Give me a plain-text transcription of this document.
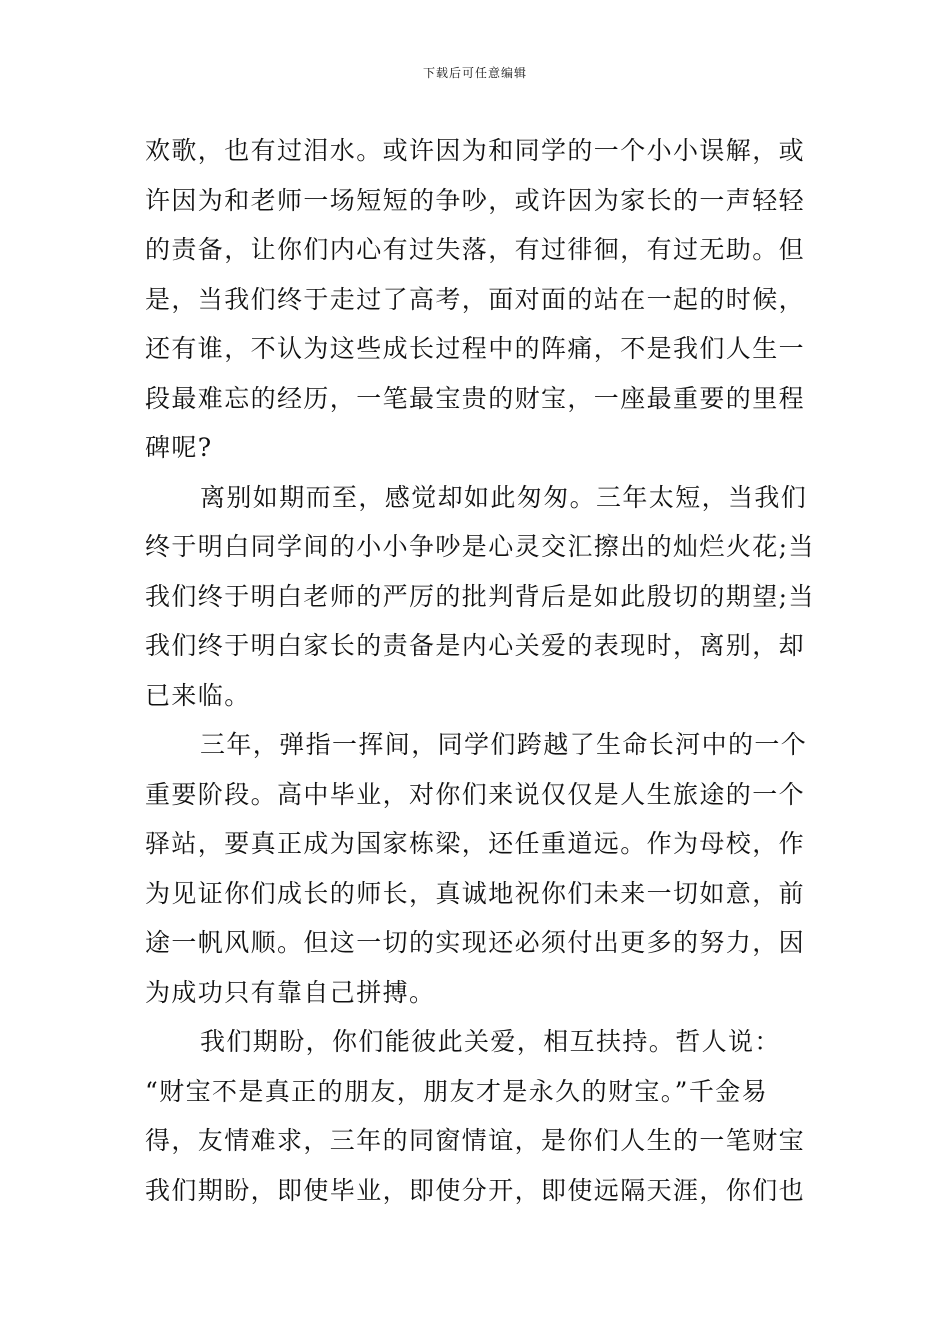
下载后可任意编辑
欢歌，也有过泪水。或许因为和同学的一个小小误解，或
许因为和老师一场短短的争吵，或许因为家长的一声轻轻
的责备，让你们内心有过失落，有过徘徊，有过无助。但
是，当我们终于走过了高考，面对面的站在一起的时候，
还有谁，不认为这些成长过程中的阵痛，不是我们人生一
段最难忘的经历，一笔最宝贵的财宝，一座最重要的里程
碑呢?
离别如期而至，感觉却如此匆匆。三年太短，当我们
终于明白同学间的小小争吵是心灵交汇擦出的灿烂火花;当
我们终于明白老师的严厉的批判背后是如此殷切的期望;当
我们终于明白家长的责备是内心关爱的表现时，离别，却
已来临。
三年，弹指一挥间，同学们跨越了生命长河中的一个
重要阶段。高中毕业，对你们来说仅仅是人生旅途的一个
驿站，要真正成为国家栋梁，还任重道远。作为母校，作
为见证你们成长的师长，真诚地祝你们未来一切如意，前
途一帆风顺。但这一切的实现还必须付出更多的努力，因
为成功只有靠自己拼搏。
我们期盼，你们能彼此关爱，相互扶持。哲人说：
“财宝不是真正的朋友，朋友才是永久的财宝。”千金易
得，友情难求，三年的同窗情谊，是你们人生的一笔财宝
我们期盼，即使毕业，即使分开，即使远隔天涯，你们也
